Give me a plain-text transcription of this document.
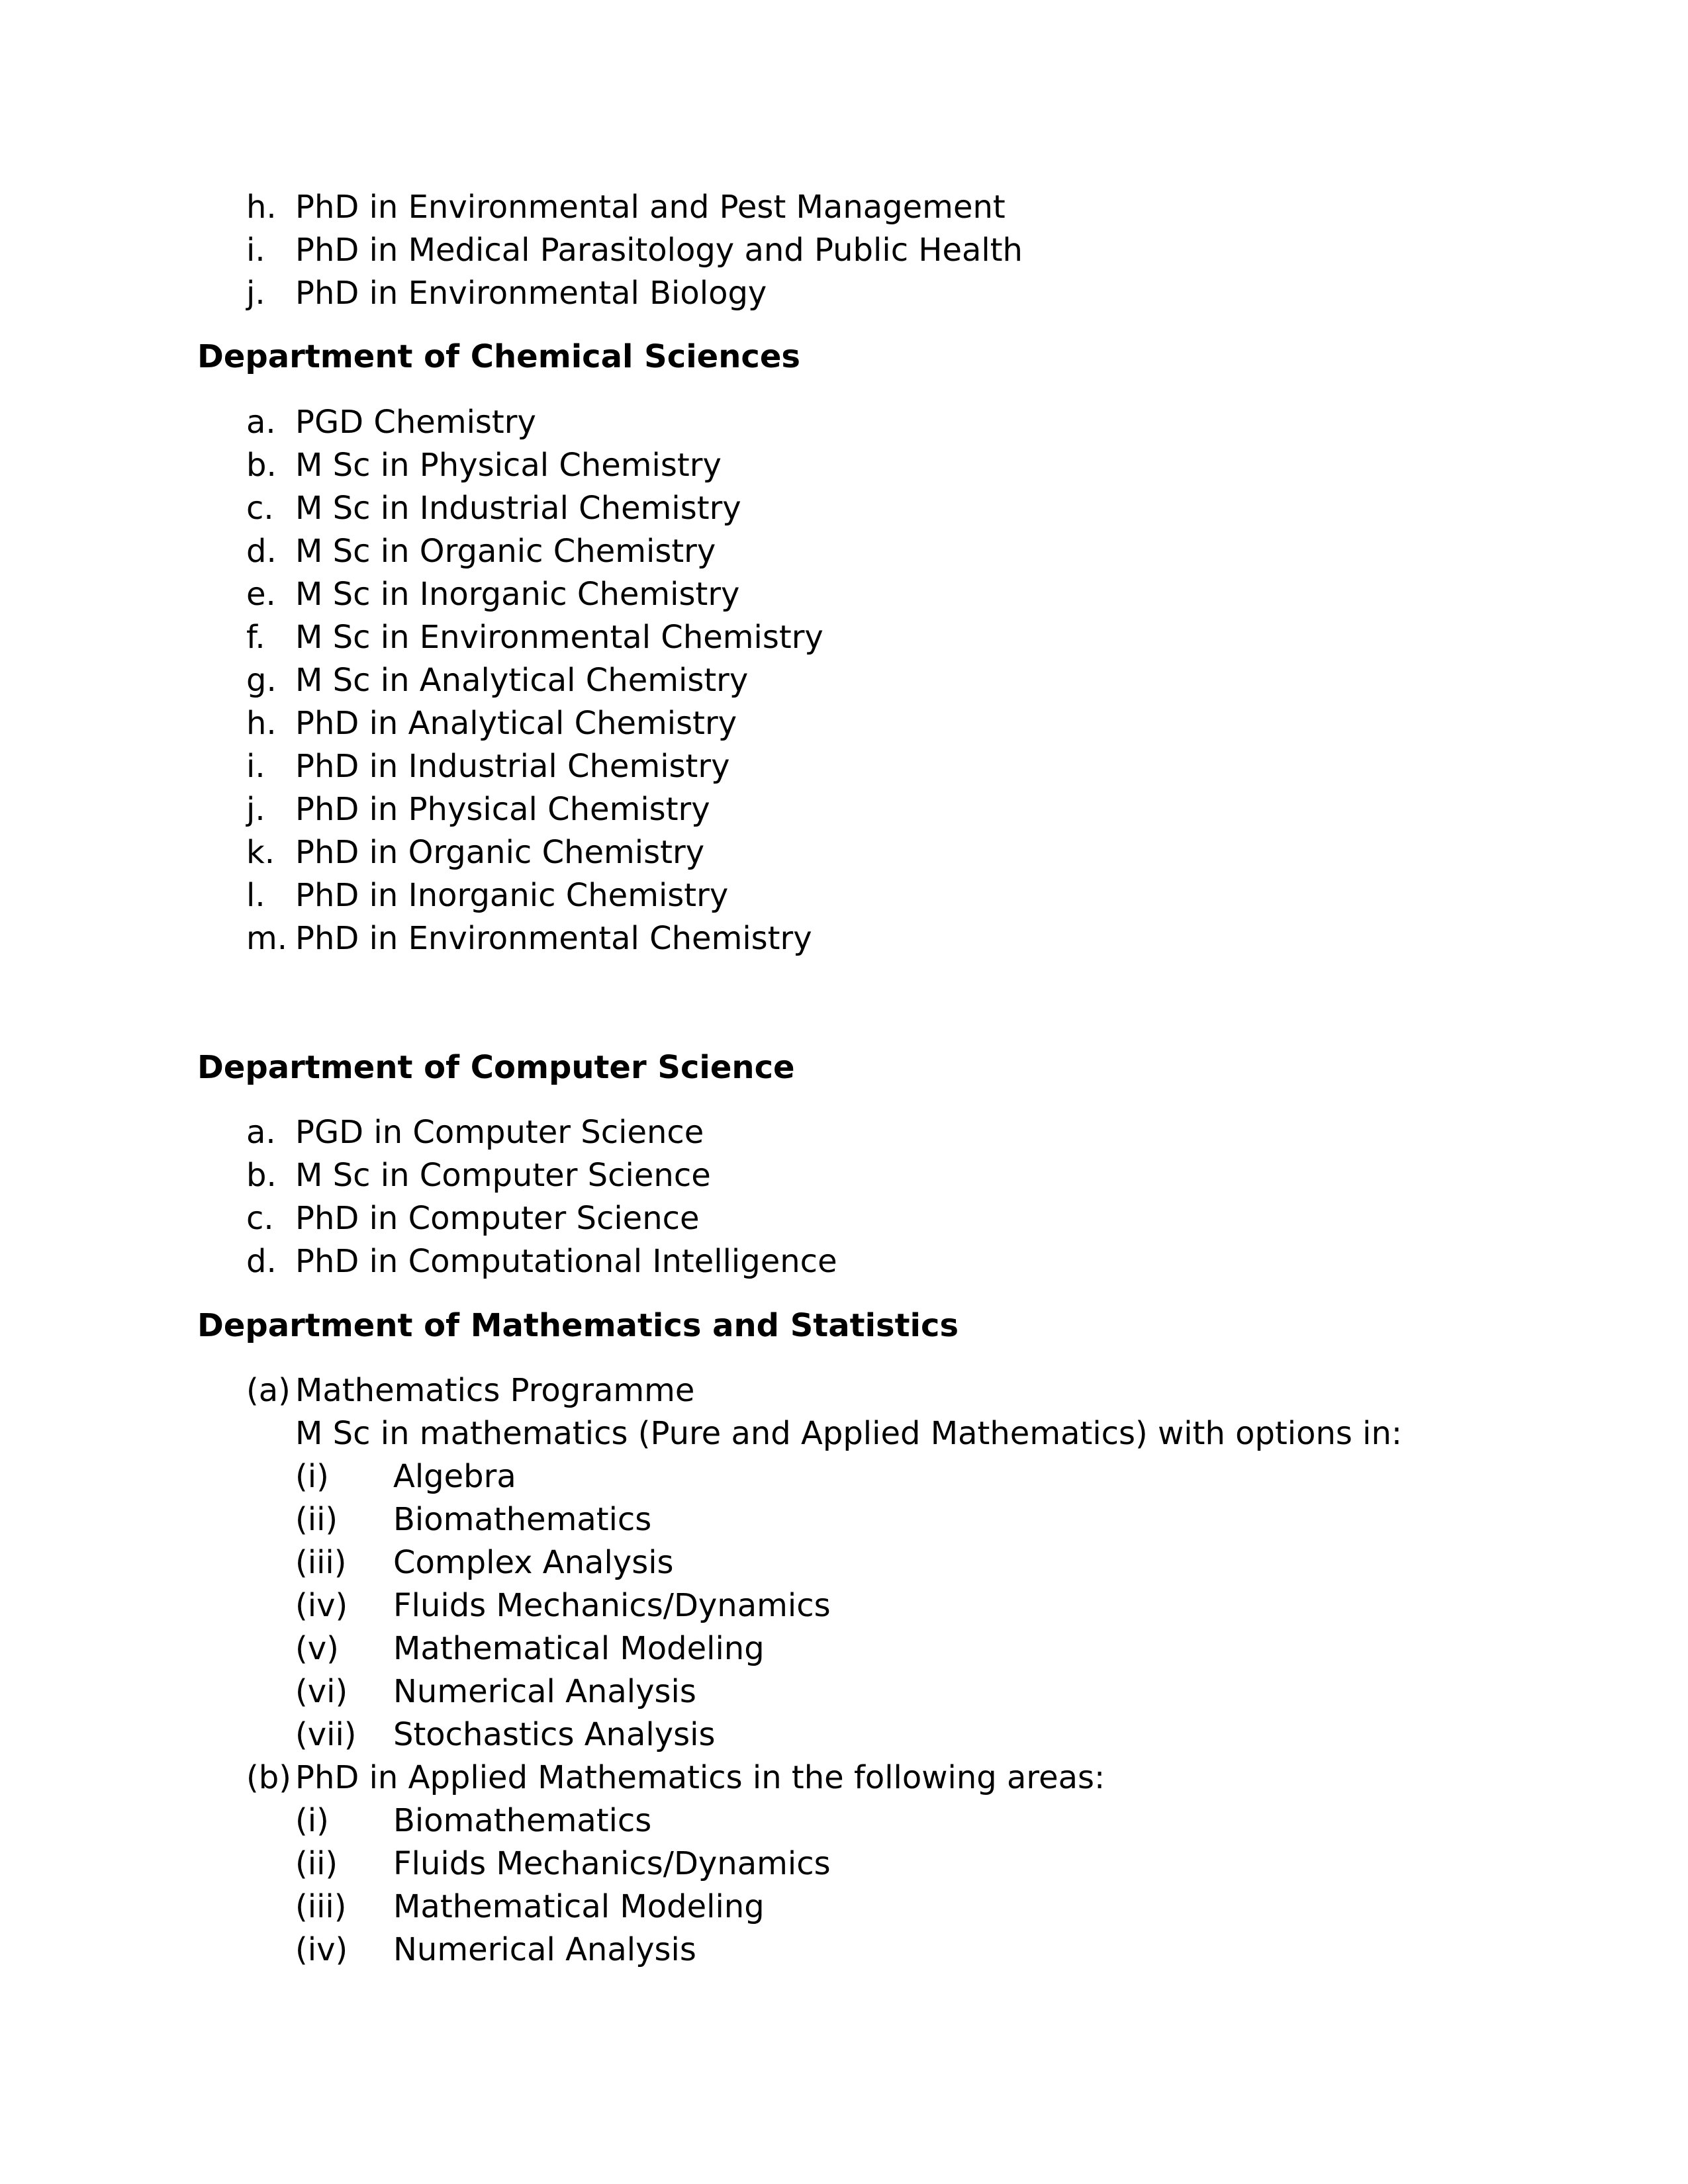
h. PhD in Environmental and Pest Management
i. PhD in Medical Parasitology and Public Health
j. PhD in Environmental Biology
Department of Chemical Sciences
a. PGD Chemistry
b. M Sc in Physical Chemistry
c. M Sc in Industrial Chemistry
d. M Sc in Organic Chemistry
e. M Sc in Inorganic Chemistry
f. M Sc in Environmental Chemistry
g. M Sc in Analytical Chemistry
h. PhD in Analytical Chemistry
i. PhD in Industrial Chemistry
j. PhD in Physical Chemistry
k. PhD in Organic Chemistry
l. PhD in Inorganic Chemistry
m. PhD in Environmental Chemistry
Department of Computer Science
a. PGD in Computer Science
b. M Sc in Computer Science
c. PhD in Computer Science
d. PhD in Computational Intelligence
Department of Mathematics and Statistics
(a) Mathematics Programme
M Sc in mathematics (Pure and Applied Mathematics) with options in:
(i) Algebra
(ii) Biomathematics
(iii) Complex Analysis
(iv) Fluids Mechanics/Dynamics
(v) Mathematical Modeling
(vi) Numerical Analysis
(vii) Stochastics Analysis
(b) PhD in Applied Mathematics in the following areas:
(i) Biomathematics
(ii) Fluids Mechanics/Dynamics
(iii) Mathematical Modeling
(iv) Numerical Analysis
